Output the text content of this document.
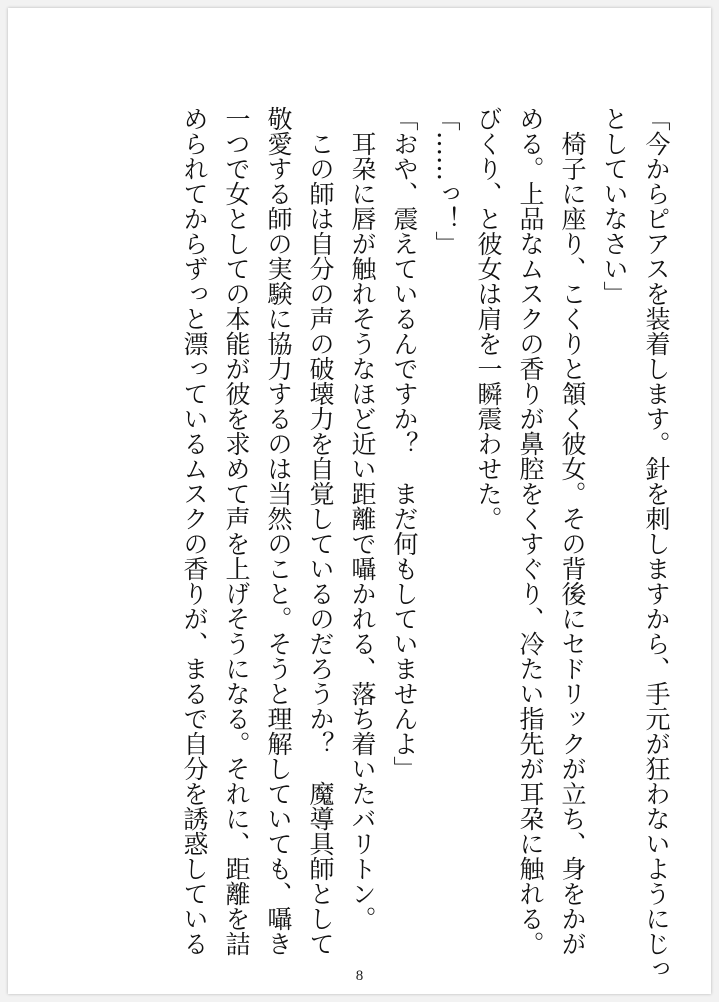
「今からピアスを装着します。針を刺しますから、手元が狂わないようにじっ
としていなさい」
　椅子に座り、こくりと頷く彼女。その背後にセドリックが立ち、身をかが
める。上品なムスクの香りが鼻腔をくすぐり、冷たい指先が耳朶に触れる。
びくり、と彼女は肩を一瞬震わせた。
「……っ！」
「おや、震えているんですか？　まだ何もしていませんよ」
　耳朶に唇が触れそうなほど近い距離で囁かれる、落ち着いたバリトン。
　この師は自分の声の破壊力を自覚しているのだろうか？　魔導具師として
敬愛する師の実験に協力するのは当然のこと。そうと理解していても、囁き
一つで女としての本能が彼を求めて声を上げそうになる。それに、距離を詰
められてからずっと漂っているムスクの香りが、まるで自分を誘惑している
8
